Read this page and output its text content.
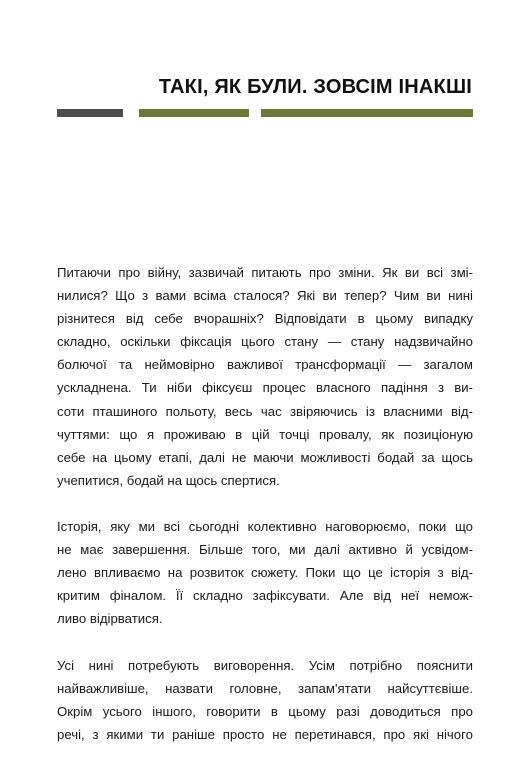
ТАКІ, ЯК БУЛИ. ЗОВСІМ ІНАКШІ

Питаючи про війну, зазвичай питають про зміни. Як ви всі змі-
нилися? Що з вами всіма сталося? Які ви тепер? Чим ви нині
різнитеся від себе вчорашніх? Відповідати в цьому випадку
складно, оскільки фіксація цього стану — стану надзвичайно
болючої та неймовірно важливої трансформації — загалом
ускладнена. Ти ніби фіксуєш процес власного падіння з ви-
соти пташиного польоту, весь час звіряючись із власними від-
чуттями: що я проживаю в цій точці провалу, як позиціоную
себе на цьому етапі, далі не маючи можливості бодай за щось
учепитися, бодай на щось спертися.

Історія, яку ми всі сьогодні колективно наговорюємо, поки що
не має завершення. Більше того, ми далі активно й усвідом-
лено впливаємо на розвиток сюжету. Поки що це історія з від-
критим фіналом. Її складно зафіксувати. Але від неї немож-
ливо відірватися.

Усі нині потребують виговорення. Усім потрібно пояснити
найважливіше, назвати головне, запам'ятати найсуттєвіше.
Окрім усього іншого, говорити в цьому разі доводиться про
речі, з якими ти раніше просто не перетинався, про які нічого
